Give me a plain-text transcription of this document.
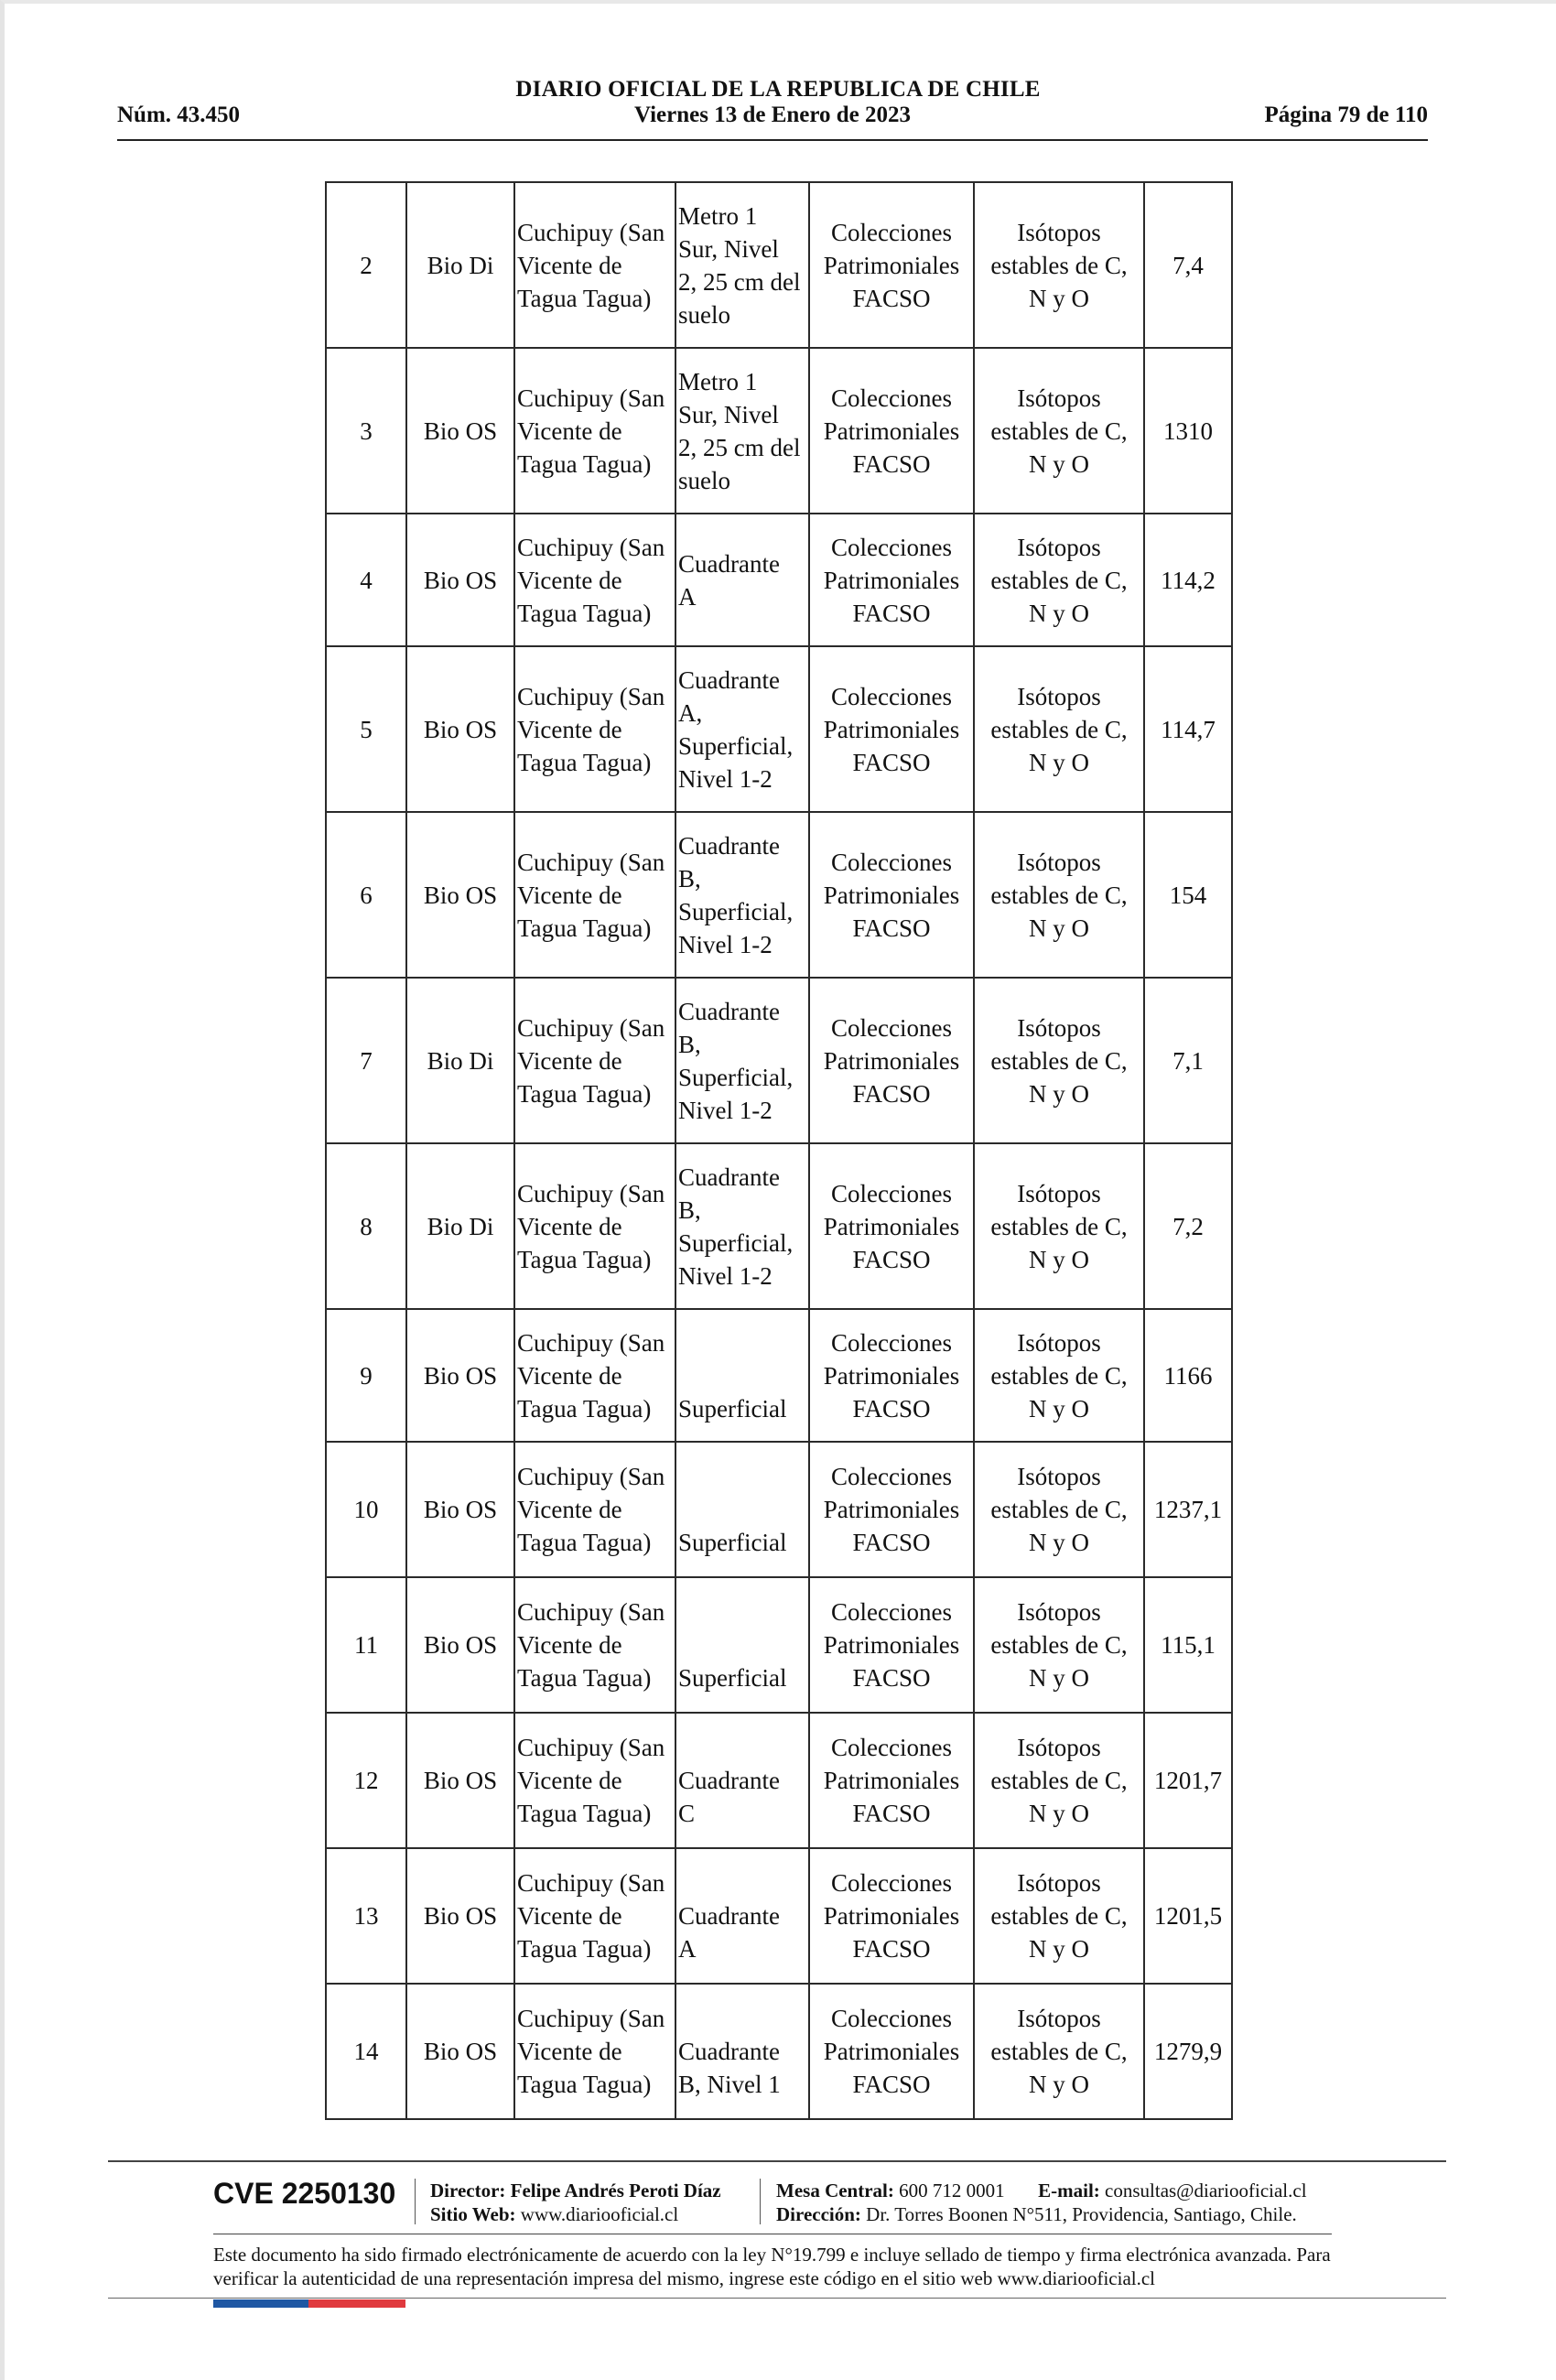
DIARIO OFICIAL DE LA REPUBLICA DE CHILE
Núm. 43.450	Viernes 13 de Enero de 2023	Página 79 de 110
2	Bio Di	Cuchipuy (San
Vicente de
Tagua Tagua)	Metro 1
Sur, Nivel
2, 25 cm del
suelo	Colecciones
Patrimoniales
FACSO	Isótopos
estables de C,
N y O	7,4
3	Bio OS	Cuchipuy (San
Vicente de
Tagua Tagua)	Metro 1
Sur, Nivel
2, 25 cm del
suelo	Colecciones
Patrimoniales
FACSO	Isótopos
estables de C,
N y O	1310
4	Bio OS	Cuchipuy (San
Vicente de
Tagua Tagua)	Cuadrante
A	Colecciones
Patrimoniales
FACSO	Isótopos
estables de C,
N y O	114,2
5	Bio OS	Cuchipuy (San
Vicente de
Tagua Tagua)	Cuadrante
A,
Superficial,
Nivel 1-2	Colecciones
Patrimoniales
FACSO	Isótopos
estables de C,
N y O	114,7
6	Bio OS	Cuchipuy (San
Vicente de
Tagua Tagua)	Cuadrante
B,
Superficial,
Nivel 1-2	Colecciones
Patrimoniales
FACSO	Isótopos
estables de C,
N y O	154
7	Bio Di	Cuchipuy (San
Vicente de
Tagua Tagua)	Cuadrante
B,
Superficial,
Nivel 1-2	Colecciones
Patrimoniales
FACSO	Isótopos
estables de C,
N y O	7,1
8	Bio Di	Cuchipuy (San
Vicente de
Tagua Tagua)	Cuadrante
B,
Superficial,
Nivel 1-2	Colecciones
Patrimoniales
FACSO	Isótopos
estables de C,
N y O	7,2
9	Bio OS	Cuchipuy (San
Vicente de
Tagua Tagua)	Superficial	Colecciones
Patrimoniales
FACSO	Isótopos
estables de C,
N y O	1166
10	Bio OS	Cuchipuy (San
Vicente de
Tagua Tagua)	Superficial	Colecciones
Patrimoniales
FACSO	Isótopos
estables de C,
N y O	1237,1
11	Bio OS	Cuchipuy (San
Vicente de
Tagua Tagua)	Superficial	Colecciones
Patrimoniales
FACSO	Isótopos
estables de C,
N y O	115,1
12	Bio OS	Cuchipuy (San
Vicente de
Tagua Tagua)	Cuadrante
C	Colecciones
Patrimoniales
FACSO	Isótopos
estables de C,
N y O	1201,7
13	Bio OS	Cuchipuy (San
Vicente de
Tagua Tagua)	Cuadrante
A	Colecciones
Patrimoniales
FACSO	Isótopos
estables de C,
N y O	1201,5
14	Bio OS	Cuchipuy (San
Vicente de
Tagua Tagua)	Cuadrante
B, Nivel 1	Colecciones
Patrimoniales
FACSO	Isótopos
estables de C,
N y O	1279,9
CVE 2250130 Director: Felipe Andrés Peroti Díaz
Sitio Web: www.diariooficial.cl
Mesa Central: 600 712 0001 E-mail: consultas@diariooficial.cl
Dirección: Dr. Torres Boonen N°511, Providencia, Santiago, Chile.
Este documento ha sido firmado electrónicamente de acuerdo con la ley N°19.799 e incluye sellado de tiempo y firma electrónica avanzada. Para verificar la autenticidad de una representación impresa del mismo, ingrese este código en el sitio web www.diariooficial.cl
